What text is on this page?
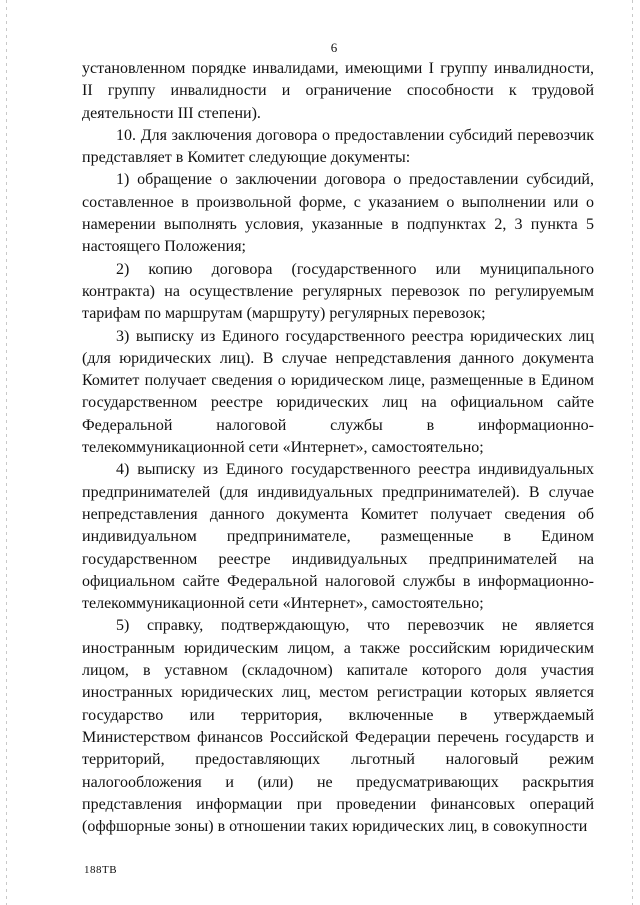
6

установленном порядке инвалидами, имеющими I группу инвалидности, II группу инвалидности и ограничение способности к трудовой деятельности III степени).

10. Для заключения договора о предоставлении субсидий перевозчик представляет в Комитет следующие документы:

1) обращение о заключении договора о предоставлении субсидий, составленное в произвольной форме, с указанием о выполнении или о намерении выполнять условия, указанные в подпунктах 2, 3 пункта 5 настоящего Положения;

2) копию договора (государственного или муниципального контракта) на осуществление регулярных перевозок по регулируемым тарифам по маршрутам (маршруту) регулярных перевозок;

3) выписку из Единого государственного реестра юридических лиц (для юридических лиц). В случае непредставления данного документа Комитет получает сведения о юридическом лице, размещенные в Едином государственном реестре юридических лиц на официальном сайте Федеральной налоговой службы в информационно-телекоммуникационной сети «Интернет», самостоятельно;

4) выписку из Единого государственного реестра индивидуальных предпринимателей (для индивидуальных предпринимателей). В случае непредставления данного документа Комитет получает сведения об индивидуальном предпринимателе, размещенные в Едином государственном реестре индивидуальных предпринимателей на официальном сайте Федеральной налоговой службы в информационно-телекоммуникационной сети «Интернет», самостоятельно;

5) справку, подтверждающую, что перевозчик не является иностранным юридическим лицом, а также российским юридическим лицом, в уставном (складочном) капитале которого доля участия иностранных юридических лиц, местом регистрации которых является государство или территория, включенные в утверждаемый Министерством финансов Российской Федерации перечень государств и территорий, предоставляющих льготный налоговый режим налогообложения и (или) не предусматривающих раскрытия представления информации при проведении финансовых операций (оффшорные зоны) в отношении таких юридических лиц, в совокупности

188ТВ
